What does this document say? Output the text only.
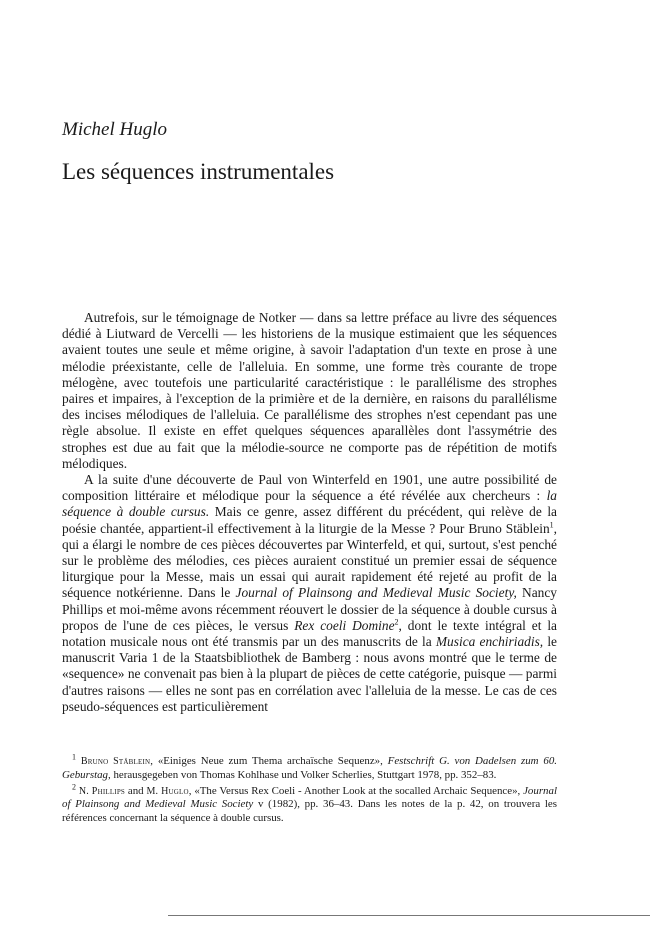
Michel Huglo
Les séquences instrumentales

Autrefois, sur le témoignage de Notker — dans sa lettre préface au livre des séquences dédié à Liutward de Vercelli — les historiens de la musique estimaient que les séquences avaient toutes une seule et même origine, à savoir l'adaptation d'un texte en prose à une mélodie préexistante, celle de l'alleluia. En somme, une forme très courante de trope mélogène, avec toutefois une particularité caractéristique : le parallélisme des strophes paires et impaires, à l'exception de la primière et de la dernière, en raisons du parallélisme des incises mélodiques de l'alleluia. Ce parallélisme des strophes n'est cependant pas une règle absolue. Il existe en effet quelques séquences aparallèles dont l'assymétrie des strophes est due au fait que la mélodie-source ne comporte pas de répétition de motifs mélodiques.

A la suite d'une découverte de Paul von Winterfeld en 1901, une autre possibilité de composition littéraire et mélodique pour la séquence a été révélée aux chercheurs : la séquence à double cursus. Mais ce genre, assez différent du précédent, qui relève de la poésie chantée, appartient-il effectivement à la liturgie de la Messe ? Pour Bruno Stäblein$^1$, qui a élargi le nombre de ces pièces découvertes par Winterfeld, et qui, surtout, s'est penché sur le problème des mélodies, ces pièces auraient constitué un premier essai de séquence liturgique pour la Messe, mais un essai qui aurait rapidement été rejeté au profit de la séquence notkérienne. Dans le Journal of Plainsong and Medieval Music Society, Nancy Phillips et moi-même avons récemment réouvert le dossier de la séquence à double cursus à propos de l'une de ces pièces, le versus Rex coeli Domine$^2$, dont le texte intégral et la notation musicale nous ont été transmis par un des manuscrits de la Musica enchiriadis, le manuscrit Varia 1 de la Staatsbibliothek de Bamberg : nous avons montré que le terme de «sequence» ne convenait pas bien à la plupart de pièces de cette catégorie, puisque — parmi d'autres raisons — elles ne sont pas en corrélation avec l'alleluia de la messe. Le cas de ces pseudo-séquences est particulièrement

$^1$ Bruno Stäblein, «Einiges Neue zum Thema archaïsche Sequenz», Festschrift G. von Dadelsen zum 60. Geburstag, herausgegeben von Thomas Kohlhase und Volker Scherlies, Stuttgart 1978, pp. 352–83.

$^2$ N. Phillips and M. Huglo, «The Versus Rex Coeli - Another Look at the socalled Archaic Sequence», Journal of Plainsong and Medieval Music Society v (1982), pp. 36–43. Dans les notes de la p. 42, on trouvera les références concernant la séquence à double cursus.
